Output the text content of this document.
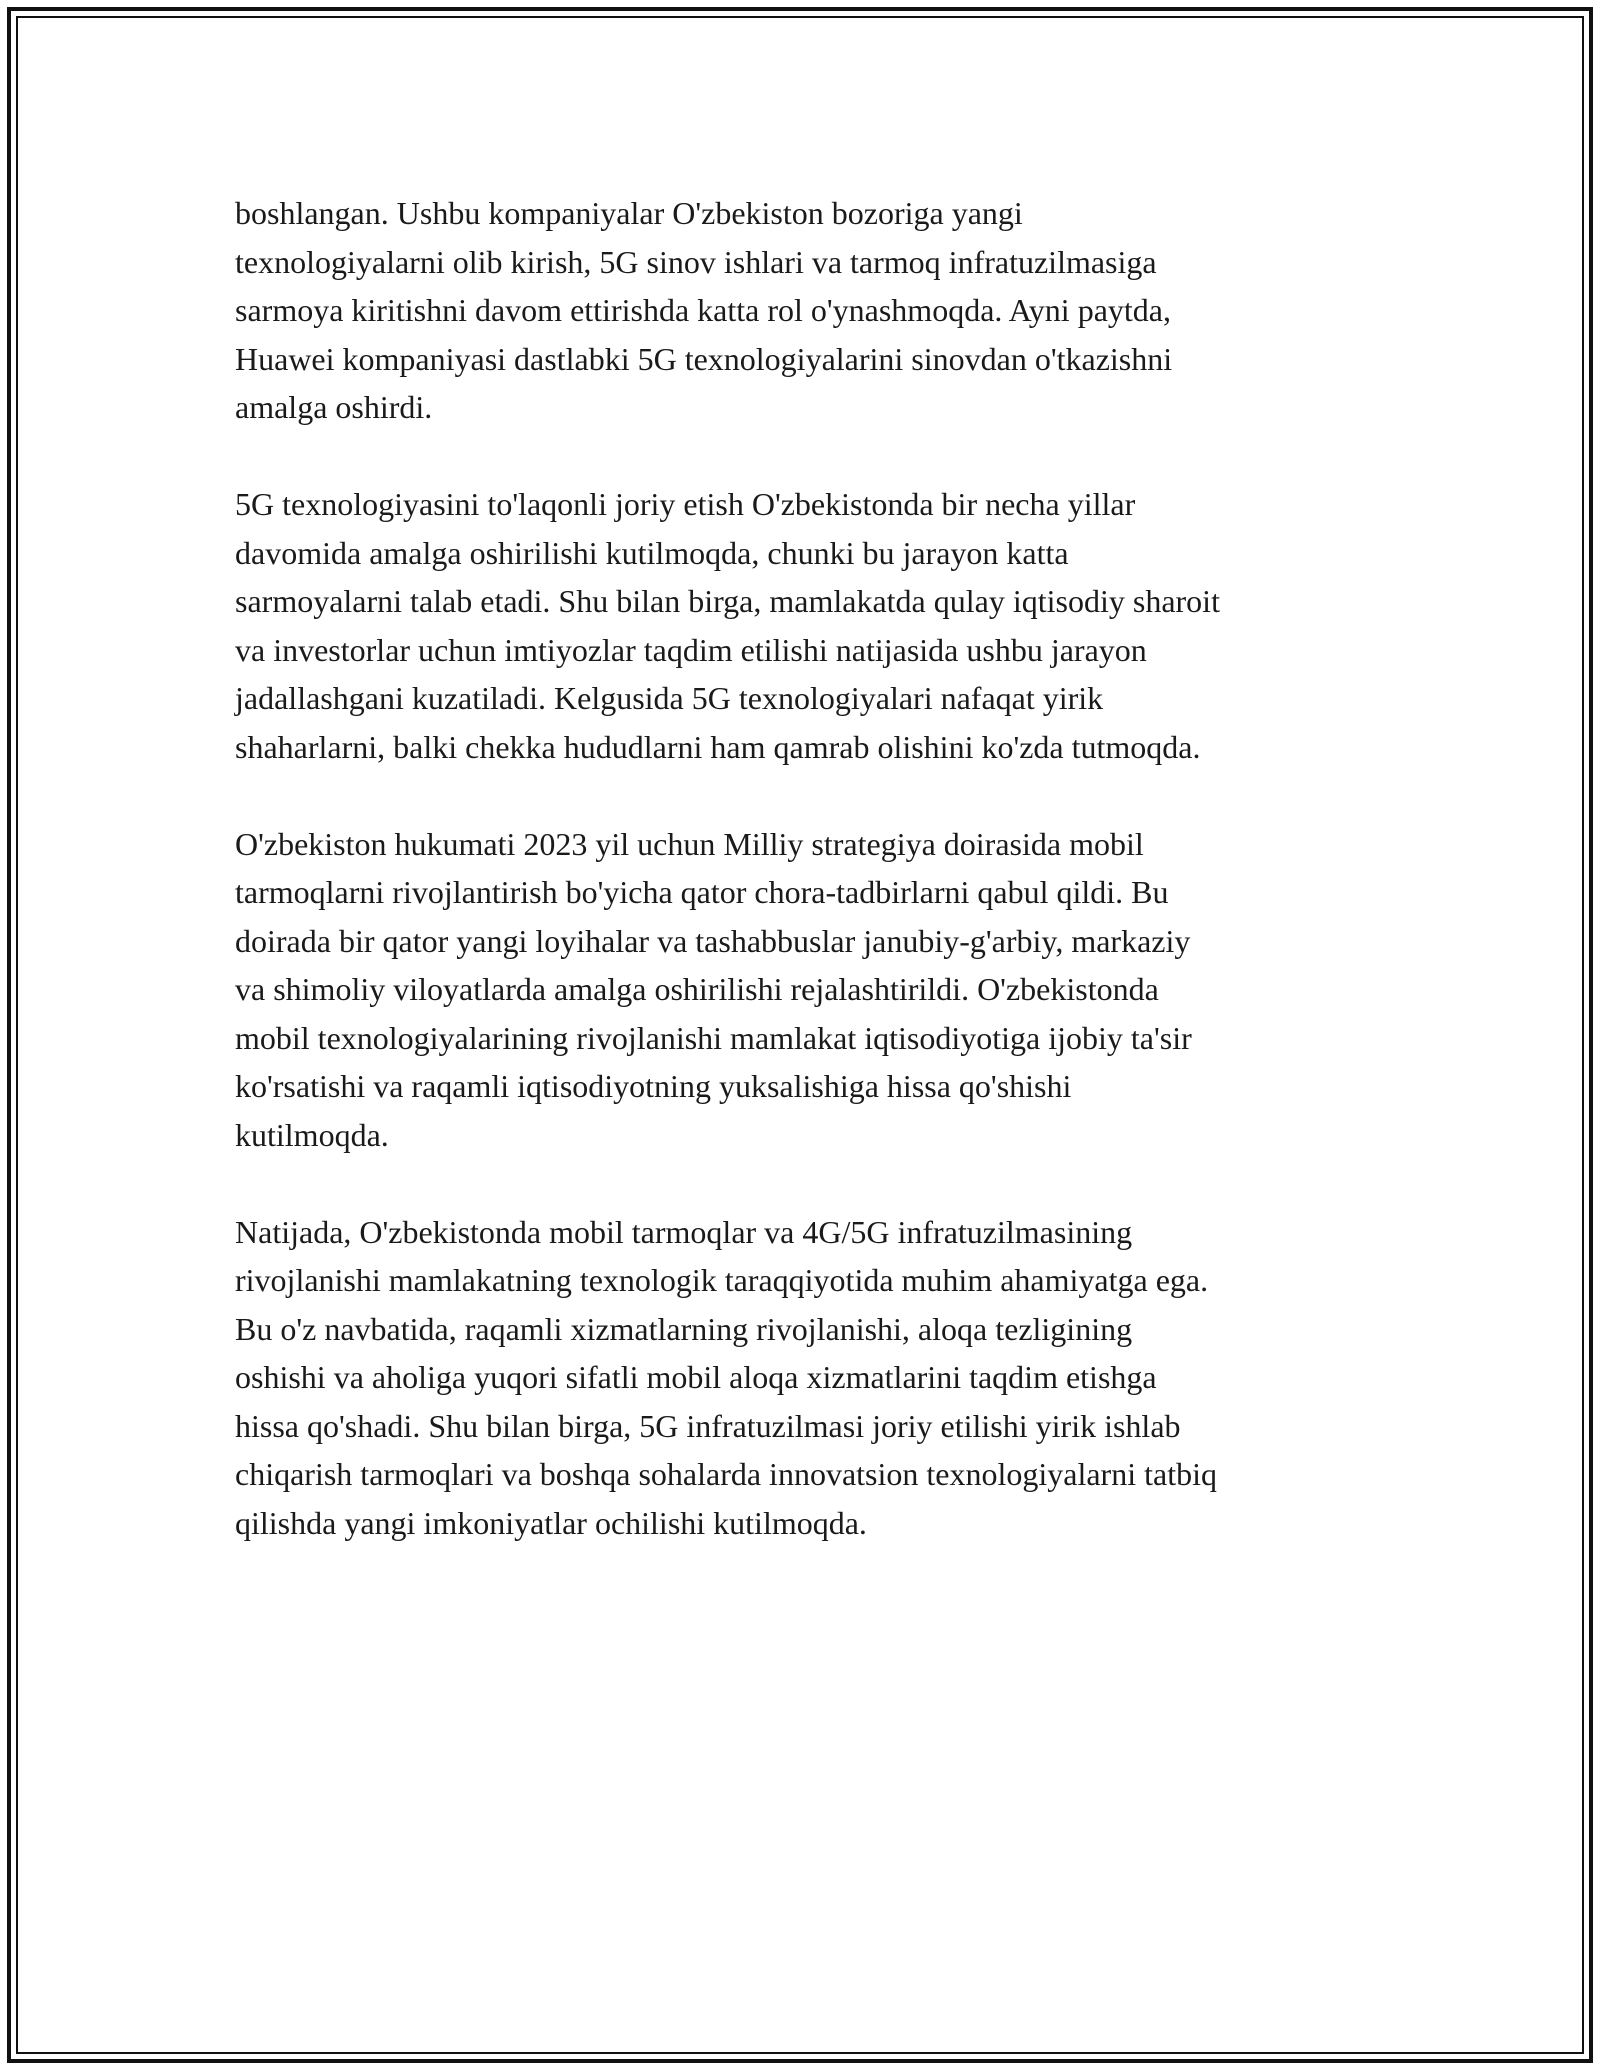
boshlangan. Ushbu kompaniyalar O'zbekiston bozoriga yangi
texnologiyalarni olib kirish, 5G sinov ishlari va tarmoq infratuzilmasiga
sarmoya kiritishni davom ettirishda katta rol o'ynashmoqda. Ayni paytda,
Huawei kompaniyasi dastlabki 5G texnologiyalarini sinovdan o'tkazishni
amalga oshirdi.

5G texnologiyasini to'laqonli joriy etish O'zbekistonda bir necha yillar
davomida amalga oshirilishi kutilmoqda, chunki bu jarayon katta
sarmoyalarni talab etadi. Shu bilan birga, mamlakatda qulay iqtisodiy sharoit
va investorlar uchun imtiyozlar taqdim etilishi natijasida ushbu jarayon
jadallashgani kuzatiladi. Kelgusida 5G texnologiyalari nafaqat yirik
shaharlarni, balki chekka hududlarni ham qamrab olishini ko'zda tutmoqda.

O'zbekiston hukumati 2023 yil uchun Milliy strategiya doirasida mobil
tarmoqlarni rivojlantirish bo'yicha qator chora-tadbirlarni qabul qildi. Bu
doirada bir qator yangi loyihalar va tashabbuslar janubiy-g'arbiy, markaziy
va shimoliy viloyatlarda amalga oshirilishi rejalashtirildi. O'zbekistonda
mobil texnologiyalarining rivojlanishi mamlakat iqtisodiyotiga ijobiy ta'sir
ko'rsatishi va raqamli iqtisodiyotning yuksalishiga hissa qo'shishi
kutilmoqda.

Natijada, O'zbekistonda mobil tarmoqlar va 4G/5G infratuzilmasining
rivojlanishi mamlakatning texnologik taraqqiyotida muhim ahamiyatga ega.
Bu o'z navbatida, raqamli xizmatlarning rivojlanishi, aloqa tezligining
oshishi va aholiga yuqori sifatli mobil aloqa xizmatlarini taqdim etishga
hissa qo'shadi. Shu bilan birga, 5G infratuzilmasi joriy etilishi yirik ishlab
chiqarish tarmoqlari va boshqa sohalarda innovatsion texnologiyalarni tatbiq
qilishda yangi imkoniyatlar ochilishi kutilmoqda.
